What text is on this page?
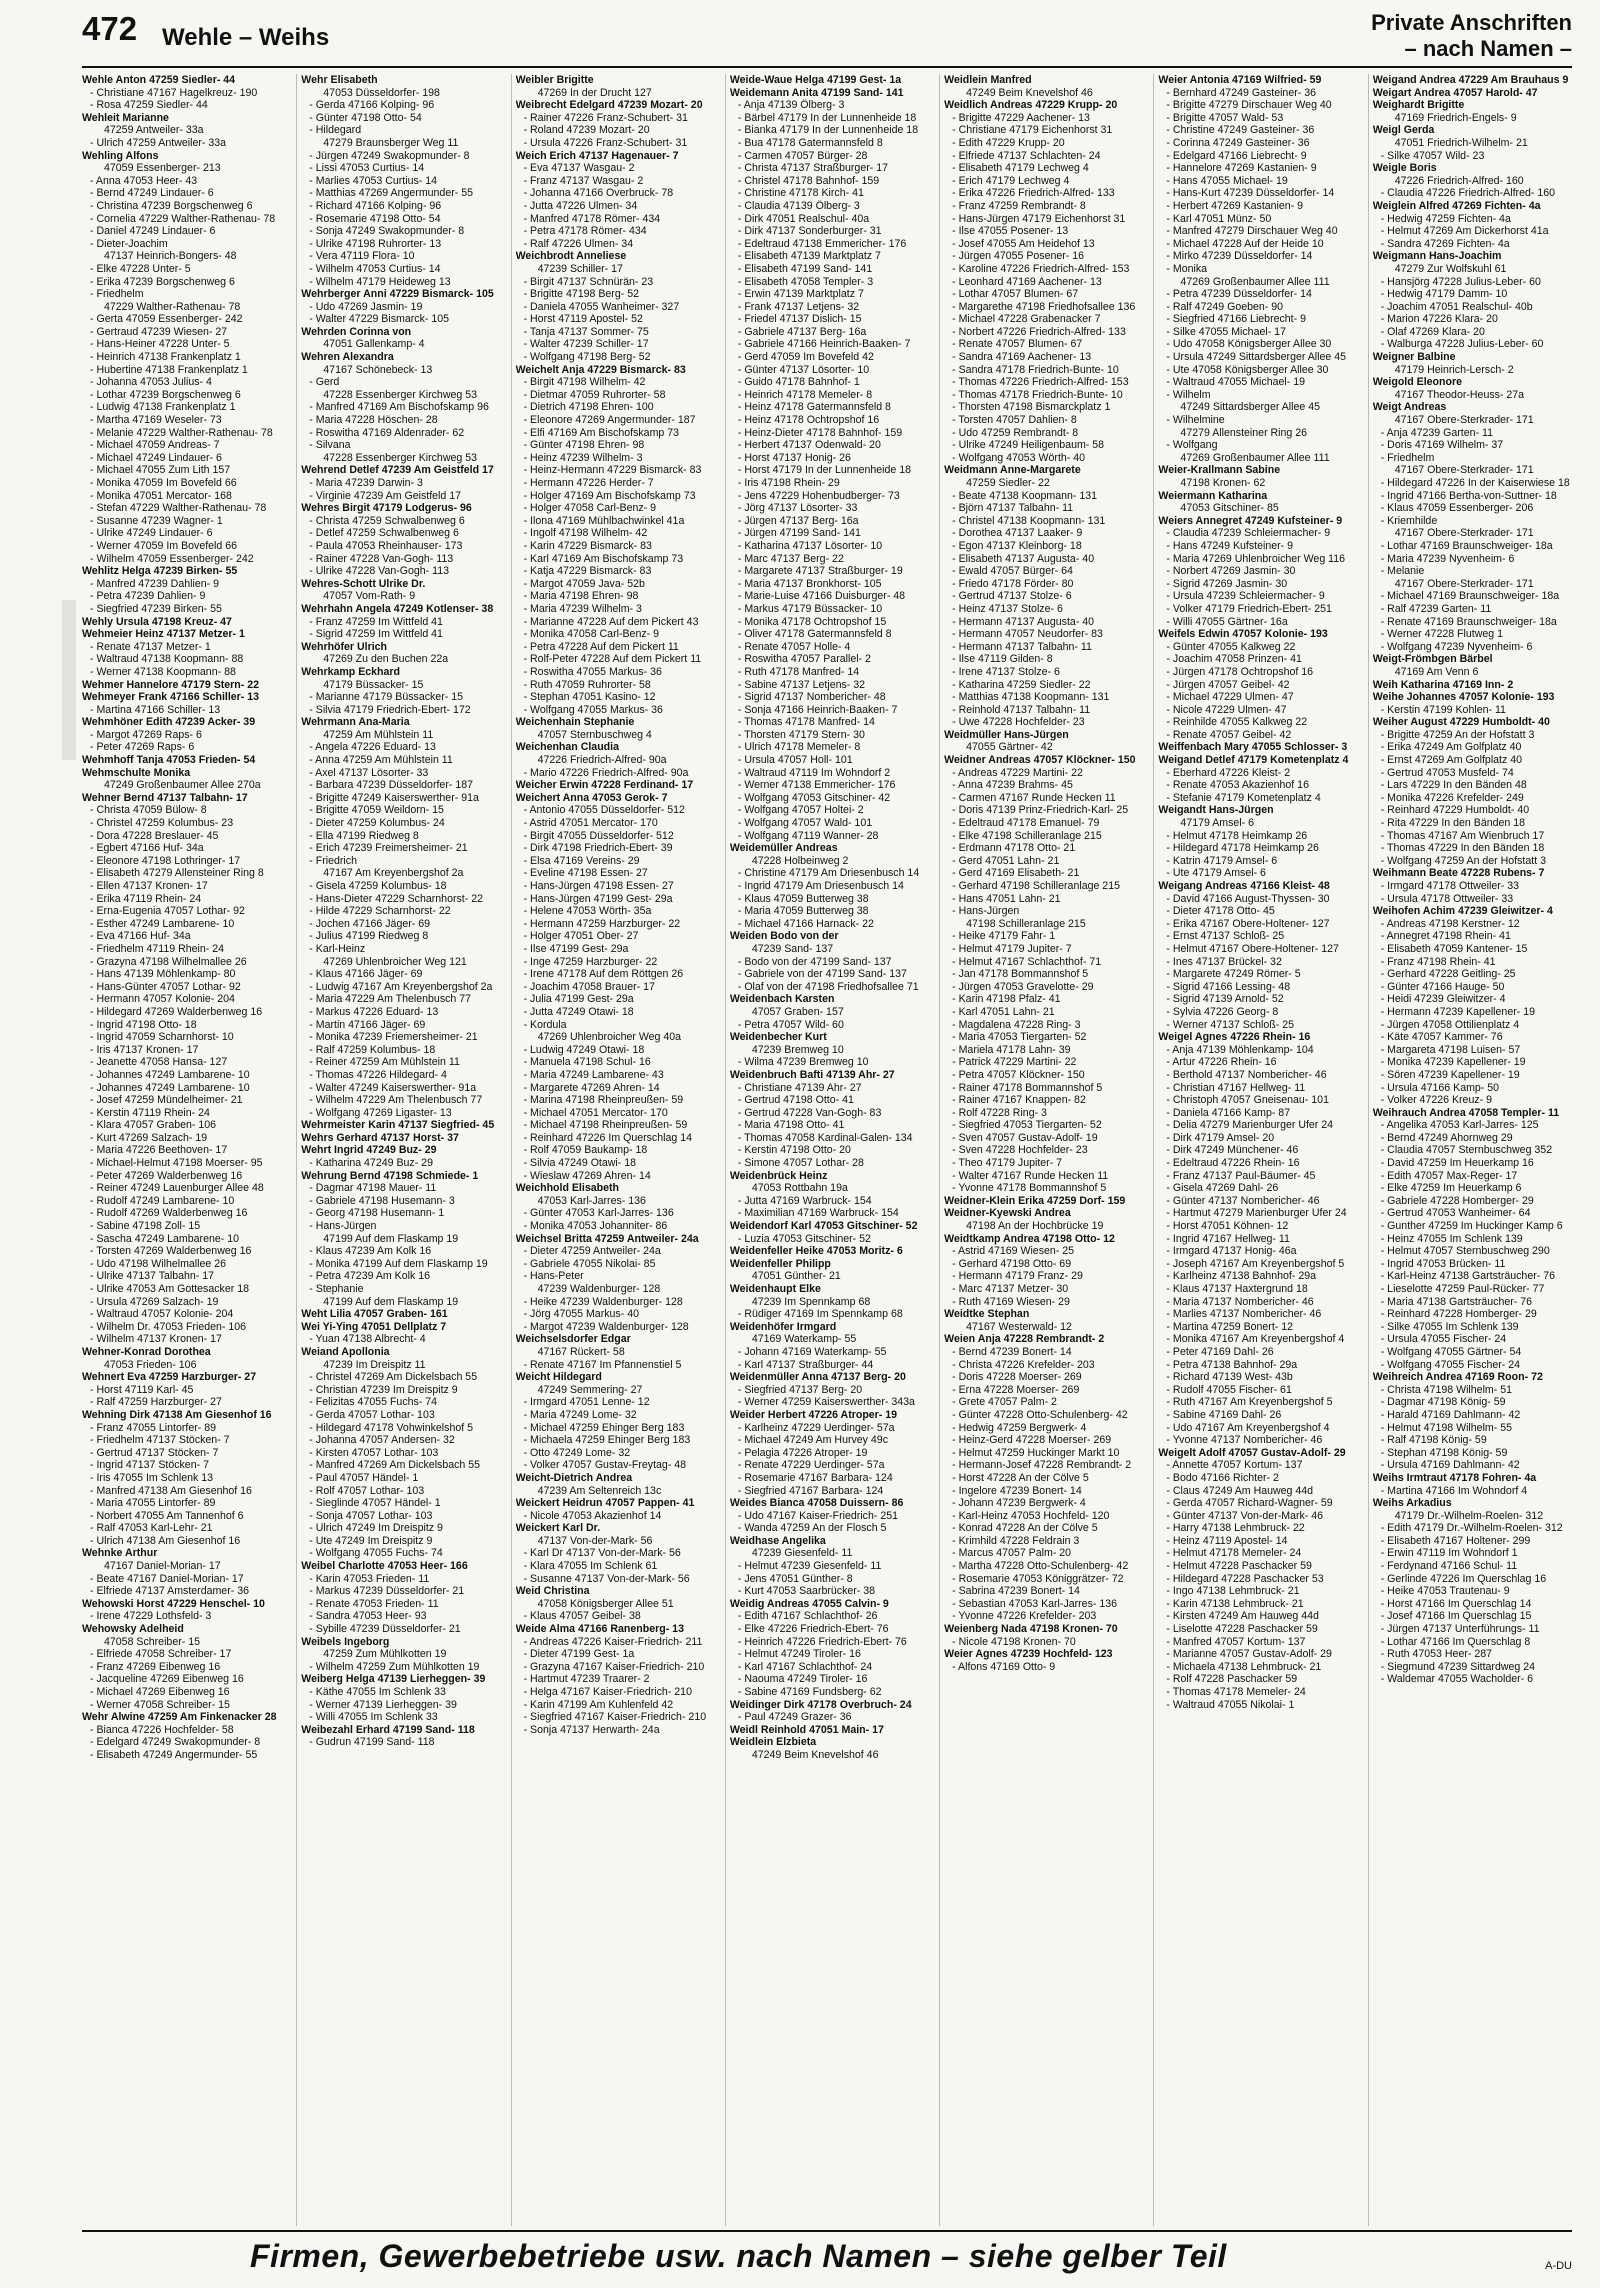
472 Wehle – Weihs
Private Anschriften
– nach Namen –
Wehle Anton 47259 Siedler- 44
- Christiane 47167 Hagelkreuz- 190
- Rosa 47259 Siedler- 44
Wehleit Marianne
47259 Antweiler- 33a
- Ulrich 47259 Antweiler- 33a
Wehling Alfons
47059 Essenberger- 213
- Anna 47053 Heer- 43
- Bernd 47249 Lindauer- 6
- Christina 47239 Borgschenweg 6
- Cornelia 47229 Walther-Rathenau- 78
- Daniel 47249 Lindauer- 6
- Dieter-Joachim
47137 Heinrich-Bongers- 48
- Elke 47228 Unter- 5
- Erika 47239 Borgschenweg 6
- Friedhelm
47229 Walther-Rathenau- 78
- Gerta 47059 Essenberger- 242
- Gertraud 47239 Wiesen- 27
- Hans-Heiner 47228 Unter- 5
- Heinrich 47138 Frankenplatz 1
- Hubertine 47138 Frankenplatz 1
- Johanna 47053 Julius- 4
- Lothar 47239 Borgschenweg 6
- Ludwig 47138 Frankenplatz 1
- Martha 47169 Weseler- 73
- Melanie 47229 Walther-Rathenau- 78
- Michael 47059 Andreas- 7
- Michael 47249 Lindauer- 6
- Michael 47055 Zum Lith 157
- Monika 47059 Im Bovefeld 66
- Monika 47051 Mercator- 168
- Stefan 47229 Walther-Rathenau- 78
- Susanne 47239 Wagner- 1
- Ulrike 47249 Lindauer- 6
- Werner 47059 Im Bovefeld 66
- Wilhelm 47059 Essenberger- 242
Wehlitz Helga 47239 Birken- 55
- Manfred 47239 Dahlien- 9
- Petra 47239 Dahlien- 9
- Siegfried 47239 Birken- 55
Wehly Ursula 47198 Kreuz- 47
Wehmeier Heinz 47137 Metzer- 1
- Renate 47137 Metzer- 1
- Waltraud 47138 Koopmann- 88
- Werner 47138 Koopmann- 88
Wehmer Hannelore 47179 Stern- 22
Wehmeyer Frank 47166 Schiller- 13
- Martina 47166 Schiller- 13
Wehmhöner Edith 47239 Acker- 39
- Margot 47269 Raps- 6
- Peter 47269 Raps- 6
Wehmhoff Tanja 47053 Frieden- 54
Wehmschulte Monika
47249 Großenbaumer Allee 270a
Wehner Bernd 47137 Talbahn- 17
- Christa 47059 Bülow- 8
- Christel 47259 Kolumbus- 23
- Dora 47228 Breslauer- 45
- Egbert 47166 Huf- 34a
- Eleonore 47198 Lothringer- 17
- Elisabeth 47279 Allensteiner Ring 8
- Ellen 47137 Kronen- 17
- Erika 47119 Rhein- 24
- Erna-Eugenia 47057 Lothar- 92
- Esther 47249 Lambarene- 10
- Eva 47166 Huf- 34a
- Friedhelm 47119 Rhein- 24
- Grazyna 47198 Wilhelmallee 26
- Hans 47139 Möhlenkamp- 80
- Hans-Günter 47057 Lothar- 92
- Hermann 47057 Kolonie- 204
- Hildegard 47269 Walderbenweg 16
- Ingrid 47198 Otto- 18
- Ingrid 47059 Scharnhorst- 10
- Iris 47137 Kronen- 17
- Jeanette 47058 Hansa- 127
- Johannes 47249 Lambarene- 10
- Johannes 47249 Lambarene- 10
- Josef 47259 Mündelheimer- 21
- Kerstin 47119 Rhein- 24
- Klara 47057 Graben- 106
- Kurt 47269 Salzach- 19
- Maria 47226 Beethoven- 17
- Michael-Helmut 47198 Moerser- 95
- Peter 47269 Walderbenweg 16
- Reiner 47249 Lauenburger Allee 48
- Rudolf 47249 Lambarene- 10
- Rudolf 47269 Walderbenweg 16
- Sabine 47198 Zoll- 15
- Sascha 47249 Lambarene- 10
- Torsten 47269 Walderbenweg 16
- Udo 47198 Wilhelmallee 26
- Ulrike 47137 Talbahn- 17
- Ulrike 47053 Am Gottesacker 18
- Ursula 47269 Salzach- 19
- Waltraud 47057 Kolonie- 204
- Wilhelm Dr. 47053 Frieden- 106
- Wilhelm 47137 Kronen- 17
Wehner-Konrad Dorothea
47053 Frieden- 106
Wehnert Eva 47259 Harzburger- 27
- Horst 47119 Karl- 45
- Ralf 47259 Harzburger- 27
Wehning Dirk 47138 Am Giesenhof 16
- Franz 47055 Lintorfer- 89
- Friedhelm 47137 Stöcken- 7
- Gertrud 47137 Stöcken- 7
- Ingrid 47137 Stöcken- 7
- Iris 47055 Im Schlenk 13
- Manfred 47138 Am Giesenhof 16
- Maria 47055 Lintorfer- 89
- Norbert 47055 Am Tannenhof 6
- Ralf 47053 Karl-Lehr- 21
- Ulrich 47138 Am Giesenhof 16
Wehnke Arthur
47167 Daniel-Morian- 17
- Beate 47167 Daniel-Morian- 17
- Elfriede 47137 Amsterdamer- 36
Wehowski Horst 47229 Henschel- 10
- Irene 47229 Lothsfeld- 3
Wehowsky Adelheid
47058 Schreiber- 15
- Elfriede 47058 Schreiber- 17
- Franz 47269 Eibenweg 16
- Jacqueline 47269 Eibenweg 16
- Michael 47269 Eibenweg 16
- Werner 47058 Schreiber- 15
Wehr Alwine 47259 Am Finkenacker 28
- Bianca 47226 Hochfelder- 58
- Edelgard 47249 Swakopmunder- 8
- Elisabeth 47249 Angermunder- 55
Wehr Elisabeth
47053 Düsseldorfer- 198
- Gerda 47166 Kolping- 96
- Günter 47198 Otto- 54
- Hildegard
47279 Braunsberger Weg 11
- Jürgen 47249 Swakopmunder- 8
- Lissi 47053 Curtius- 14
- Marlies 47053 Curtius- 14
- Matthias 47269 Angermunder- 55
- Richard 47166 Kolping- 96
- Rosemarie 47198 Otto- 54
- Sonja 47249 Swakopmunder- 8
- Ulrike 47198 Ruhrorter- 13
- Vera 47119 Flora- 10
- Wilhelm 47053 Curtius- 14
- Wilhelm 47179 Heideweg 13
Wehrberger Anni 47229 Bismarck- 105
- Udo 47269 Jasmin- 19
- Walter 47229 Bismarck- 105
Wehrden Corinna von
47051 Gallenkamp- 4
Wehren Alexandra
47167 Schönebeck- 13
- Gerd
47228 Essenberger Kirchweg 53
- Manfred 47169 Am Bischofskamp 96
- Maria 47228 Höschen- 28
- Roswitha 47169 Aldenrader- 62
- Silvana
47228 Essenberger Kirchweg 53
Wehrend Detlef 47239 Am Geistfeld 17
- Maria 47239 Darwin- 3
- Virginie 47239 Am Geistfeld 17
Wehres Birgit 47179 Lodgerus- 96
- Christa 47259 Schwalbenweg 6
- Detlef 47259 Schwalbenweg 6
- Paula 47053 Rheinhauser- 173
- Rainer 47228 Van-Gogh- 113
- Ulrike 47228 Van-Gogh- 113
Wehres-Schott Ulrike Dr.
47057 Vom-Rath- 9
Wehrhahn Angela 47249 Kotlenser- 38
- Franz 47259 Im Wittfeld 41
- Sigrid 47259 Im Wittfeld 41
Wehrhöfer Ulrich
47269 Zu den Buchen 22a
Wehrkamp Eckhard
47179 Büssacker- 15
- Marianne 47179 Büssacker- 15
- Silvia 47179 Friedrich-Ebert- 172
Wehrmann Ana-Maria
47259 Am Mühlstein 11
- Angela 47226 Eduard- 13
- Anna 47259 Am Mühlstein 11
- Axel 47137 Lösorter- 33
- Barbara 47239 Düsseldorfer- 187
- Brigitte 47249 Kaiserswerther- 91a
- Brigitte 47059 Weildorn- 15
- Dieter 47259 Kolumbus- 24
- Ella 47199 Riedweg 8
- Erich 47239 Freimersheimer- 21
- Friedrich
47167 Am Kreyenbergshof 2a
- Gisela 47259 Kolumbus- 18
- Hans-Dieter 47229 Scharnhorst- 22
- Hilde 47229 Scharnhorst- 22
- Jochen 47166 Jäger- 69
- Julius 47199 Riedweg 8
- Karl-Heinz
47269 Uhlenbroicher Weg 121
- Klaus 47166 Jäger- 69
- Ludwig 47167 Am Kreyenbergshof 2a
- Maria 47229 Am Thelenbusch 77
- Markus 47226 Eduard- 13
- Martin 47166 Jäger- 69
- Monika 47239 Friemersheimer- 21
- Ralf 47259 Kolumbus- 18
- Reiner 47259 Am Mühlstein 11
- Thomas 47226 Hildegard- 4
- Walter 47249 Kaiserswerther- 91a
- Wilhelm 47229 Am Thelenbusch 77
- Wolfgang 47269 Ligaster- 13
Wehrmeister Karin 47137 Siegfried- 45
Wehrs Gerhard 47137 Horst- 37
Wehrt Ingrid 47249 Buz- 29
- Katharina 47249 Buz- 29
Wehrung Bernd 47198 Schmiede- 1
- Dagmar 47198 Mauer- 11
- Gabriele 47198 Husemann- 3
- Georg 47198 Husemann- 1
- Hans-Jürgen
47199 Auf dem Flaskamp 19
- Klaus 47239 Am Kolk 16
- Monika 47199 Auf dem Flaskamp 19
- Petra 47239 Am Kolk 16
- Stephanie
47199 Auf dem Flaskamp 19
Weht Lilia 47057 Graben- 161
Wei Yi-Ying 47051 Dellplatz 7
- Yuan 47138 Albrecht- 4
Weiand Apollonia
47239 Im Dreispitz 11
- Christel 47269 Am Dickelsbach 55
- Christian 47239 Im Dreispitz 9
- Felizitas 47055 Fuchs- 74
- Gerda 47057 Lothar- 103
- Hildegard 47178 Vohwinkelshof 5
- Johanna 47057 Andersen- 32
- Kirsten 47057 Lothar- 103
- Manfred 47269 Am Dickelsbach 55
- Paul 47057 Händel- 1
- Rolf 47057 Lothar- 103
- Sieglinde 47057 Händel- 1
- Sonja 47057 Lothar- 103
- Ulrich 47249 Im Dreispitz 9
- Ute 47249 Im Dreispitz 9
- Wolfgang 47055 Fuchs- 74
Weibel Charlotte 47053 Heer- 166
- Karin 47053 Frieden- 11
- Markus 47239 Düsseldorfer- 21
- Renate 47053 Frieden- 11
- Sandra 47053 Heer- 93
- Sybille 47239 Düsseldorfer- 21
Weibels Ingeborg
47259 Zum Mühlkotten 19
- Wilhelm 47259 Zum Mühlkotten 19
Weiberg Helga 47139 Lierheggen- 39
- Käthe 47055 Im Schlenk 33
- Werner 47139 Lierheggen- 39
- Willi 47055 Im Schlenk 33
Weibezahl Erhard 47199 Sand- 118
- Gudrun 47199 Sand- 118
Weibler Brigitte
47269 In der Drucht 127
Weibrecht Edelgard 47239 Mozart- 20
- Rainer 47226 Franz-Schubert- 31
- Roland 47239 Mozart- 20
- Ursula 47226 Franz-Schubert- 31
Weich Erich 47137 Hagenauer- 7
- Eva 47137 Wasgau- 2
- Franz 47137 Wasgau- 2
- Johanna 47166 Overbruck- 78
- Jutta 47226 Ulmen- 34
- Manfred 47178 Römer- 434
- Petra 47178 Römer- 434
- Ralf 47226 Ulmen- 34
Weichbrodt Anneliese
47239 Schiller- 17
- Birgit 47137 Schnürän- 23
- Brigitte 47198 Berg- 52
- Daniela 47055 Wanheimer- 327
- Horst 47119 Apostel- 52
- Tanja 47137 Sommer- 75
- Walter 47239 Schiller- 17
- Wolfgang 47198 Berg- 52
Weichelt Anja 47229 Bismarck- 83
- Birgit 47198 Wilhelm- 42
- Dietmar 47059 Ruhrorter- 58
- Dietrich 47198 Ehren- 100
- Eleonore 47269 Angermunder- 187
- Elfi 47169 Am Bischofskamp 73
- Günter 47198 Ehren- 98
- Heinz 47239 Wilhelm- 3
- Heinz-Hermann 47229 Bismarck- 83
- Hermann 47226 Herder- 7
- Holger 47169 Am Bischofskamp 73
- Holger 47058 Carl-Benz- 9
- Ilona 47169 Mühlbachwinkel 41a
- Ingolf 47198 Wilhelm- 42
- Karin 47229 Bismarck- 83
- Karl 47169 Am Bischofskamp 73
- Katja 47229 Bismarck- 83
- Margot 47059 Java- 52b
- Maria 47198 Ehren- 98
- Maria 47239 Wilhelm- 3
- Marianne 47228 Auf dem Pickert 43
- Monika 47058 Carl-Benz- 9
- Petra 47228 Auf dem Pickert 11
- Rolf-Peter 47228 Auf dem Pickert 11
- Roswitha 47055 Markus- 36
- Ruth 47059 Ruhrorter- 58
- Stephan 47051 Kasino- 12
- Wolfgang 47055 Markus- 36
Weichenhain Stephanie
47057 Sternbuschweg 4
Weichenhan Claudia
47226 Friedrich-Alfred- 90a
- Mario 47226 Friedrich-Alfred- 90a
Weicher Erwin 47228 Ferdinand- 17
Weichert Anna 47053 Gerok- 7
- Antonio 47055 Düsseldorfer- 512
- Astrid 47051 Mercator- 170
- Birgit 47055 Düsseldorfer- 512
- Dirk 47198 Friedrich-Ebert- 39
- Elsa 47169 Vereins- 29
- Eveline 47198 Essen- 27
- Hans-Jürgen 47198 Essen- 27
- Hans-Jürgen 47199 Gest- 29a
- Helene 47053 Wörth- 35a
- Hermann 47259 Harzburger- 22
- Holger 47051 Ober- 27
- Ilse 47199 Gest- 29a
- Inge 47259 Harzburger- 22
- Irene 47178 Auf dem Röttgen 26
- Joachim 47058 Brauer- 17
- Julia 47199 Gest- 29a
- Jutta 47249 Otawi- 18
- Kordula
47269 Uhlenbroicher Weg 40a
- Ludwig 47249 Otawi- 18
- Manuela 47198 Schul- 16
- Maria 47249 Lambarene- 43
- Margarete 47269 Ahren- 14
- Marina 47198 Rheinpreußen- 59
- Michael 47051 Mercator- 170
- Michael 47198 Rheinpreußen- 59
- Reinhard 47226 Im Querschlag 14
- Rolf 47059 Baukamp- 18
- Silvia 47249 Otawi- 18
- Wieslaw 47269 Ahren- 14
Weichhold Elisabeth
47053 Karl-Jarres- 136
- Günter 47053 Karl-Jarres- 136
- Monika 47053 Johanniter- 86
Weichsel Britta 47259 Antweiler- 24a
- Dieter 47259 Antweiler- 24a
- Gabriele 47055 Nikolai- 85
- Hans-Peter
47239 Waldenburger- 128
- Heike 47239 Waldenburger- 128
- Jörg 47055 Markus- 40
- Margot 47239 Waldenburger- 128
Weichselsdorfer Edgar
47167 Rückert- 58
- Renate 47167 Im Pfannenstiel 5
Weicht Hildegard
47249 Semmering- 27
- Irmgard 47051 Lenne- 12
- Maria 47249 Lome- 32
- Michael 47259 Ehinger Berg 183
- Michaela 47259 Ehinger Berg 183
- Otto 47249 Lome- 32
- Volker 47057 Gustav-Freytag- 48
Weicht-Dietrich Andrea
47239 Am Seltenreich 13c
Weickert Heidrun 47057 Pappen- 41
- Nicole 47053 Akazienhof 14
Weickert Karl Dr.
47137 Von-der-Mark- 56
- Karl Dr 47137 Von-der-Mark- 56
- Klara 47055 Im Schlenk 61
- Susanne 47137 Von-der-Mark- 56
Weid Christina
47058 Königsberger Allee 51
- Klaus 47057 Geibel- 38
Weide Alma 47166 Ranenberg- 13
- Andreas 47226 Kaiser-Friedrich- 211
- Dieter 47199 Gest- 1a
- Grazyna 47167 Kaiser-Friedrich- 210
- Hartmut 47239 Traarer- 2
- Helga 47167 Kaiser-Friedrich- 210
- Karin 47199 Am Kuhlenfeld 42
- Siegfried 47167 Kaiser-Friedrich- 210
- Sonja 47137 Herwarth- 24a
Weide-Waue Helga 47199 Gest- 1a
Weidemann Anita 47199 Sand- 141
- Anja 47139 Ölberg- 3
- Bärbel 47179 In der Lunnenheide 18
- Bianka 47179 In der Lunnenheide 18
- Bua 47178 Gatermannsfeld 8
- Carmen 47057 Bürger- 28
- Christa 47137 Straßburger- 17
- Christel 47178 Bahnhof- 159
- Christine 47178 Kirch- 41
- Claudia 47139 Ölberg- 3
- Dirk 47051 Realschul- 40a
- Dirk 47137 Sonderburger- 31
- Edeltraud 47138 Emmericher- 176
- Elisabeth 47139 Marktplatz 7
- Elisabeth 47199 Sand- 141
- Elisabeth 47058 Templer- 3
- Erwin 47139 Marktplatz 7
- Frank 47137 Letjens- 32
- Friedel 47137 Dislich- 15
- Gabriele 47137 Berg- 16a
- Gabriele 47166 Heinrich-Baaken- 7
- Gerd 47059 Im Bovefeld 42
- Günter 47137 Lösorter- 10
- Guido 47178 Bahnhof- 1
- Heinrich 47178 Memeler- 8
- Heinz 47178 Gatermannsfeld 8
- Heinz 47178 Ochtropshof 16
- Heinz-Dieter 47178 Bahnhof- 159
- Herbert 47137 Odenwald- 20
- Horst 47137 Honig- 26
- Horst 47179 In der Lunnenheide 18
- Iris 47198 Rhein- 29
- Jens 47229 Hohenbudberger- 73
- Jörg 47137 Lösorter- 33
- Jürgen 47137 Berg- 16a
- Jürgen 47199 Sand- 141
- Katharina 47137 Lösorter- 10
- Marc 47137 Berg- 22
- Margarete 47137 Straßburger- 19
- Maria 47137 Bronkhorst- 105
- Marie-Luise 47166 Duisburger- 48
- Markus 47179 Büssacker- 10
- Monika 47178 Ochtropshof 15
- Oliver 47178 Gatermannsfeld 8
- Renate 47057 Holle- 4
- Roswitha 47057 Parallel- 2
- Ruth 47178 Manfred- 14
- Sabine 47137 Letjens- 32
- Sigrid 47137 Nombericher- 48
- Sonja 47166 Heinrich-Baaken- 7
- Thomas 47178 Manfred- 14
- Thorsten 47179 Stern- 30
- Ulrich 47178 Memeler- 8
- Ursula 47057 Holl- 101
- Waltraud 47119 Im Wohndorf 2
- Werner 47138 Emmericher- 176
- Wolfgang 47053 Gitschiner- 42
- Wolfgang 47057 Holtei- 2
- Wolfgang 47057 Wald- 101
- Wolfgang 47119 Wanner- 28
Weidemüller Andreas
47228 Holbeinweg 2
- Christine 47179 Am Driesenbusch 14
- Ingrid 47179 Am Driesenbusch 14
- Klaus 47059 Butterweg 38
- Maria 47059 Butterweg 38
- Michael 47166 Harnack- 22
Weiden Bodo von der
47239 Sand- 137
- Bodo von der 47199 Sand- 137
- Gabriele von der 47199 Sand- 137
- Olaf von der 47198 Friedhofsallee 71
Weidenbach Karsten
47057 Graben- 157
- Petra 47057 Wild- 60
Weidenbecher Kurt
47239 Bremweg 10
- Wilma 47239 Bremweg 10
Weidenbruch Bafti 47139 Ahr- 27
- Christiane 47139 Ahr- 27
- Gertrud 47198 Otto- 41
- Gertrud 47228 Van-Gogh- 83
- Maria 47198 Otto- 41
- Thomas 47058 Kardinal-Galen- 134
- Kerstin 47198 Otto- 20
- Simone 47057 Lothar- 28
Weidenbrück Heinz
47053 Rottbahn 19a
- Jutta 47169 Warbruck- 154
- Maximilian 47169 Warbruck- 154
Weidendorf Karl 47053 Gitschiner- 52
- Luzia 47053 Gitschiner- 52
Weidenfeller Heike 47053 Moritz- 6
Weidenfeller Philipp
47051 Günther- 21
Weidenhaupt Elke
47239 Im Spennkamp 68
- Rüdiger 47169 Im Spennkamp 68
Weidenhöfer Irmgard
47169 Waterkamp- 55
- Johann 47169 Waterkamp- 55
- Karl 47137 Straßburger- 44
Weidenmüller Anna 47137 Berg- 20
- Siegfried 47137 Berg- 20
- Werner 47259 Kaiserswerther- 343a
Weider Herbert 47226 Atroper- 19
- Karlheinz 47229 Uerdinger- 57a
- Michael 47249 Am Hurvey 49c
- Pelagia 47226 Atroper- 19
- Renate 47229 Uerdinger- 57a
- Rosemarie 47167 Barbara- 124
- Siegfried 47167 Barbara- 124
Weides Bianca 47058 Duissern- 86
- Udo 47167 Kaiser-Friedrich- 251
- Wanda 47259 An der Flosch 5
Weidhase Angelika
47239 Giesenfeld- 11
- Helmut 47239 Giesenfeld- 11
- Jens 47051 Günther- 8
- Kurt 47053 Saarbrücker- 38
Weidig Andreas 47055 Calvin- 9
- Edith 47167 Schlachthof- 26
- Elke 47226 Friedrich-Ebert- 76
- Heinrich 47226 Friedrich-Ebert- 76
- Helmut 47249 Tiroler- 16
- Karl 47167 Schlachthof- 24
- Naouma 47249 Tiroler- 16
- Sabine 47169 Fundsberg- 62
Weidinger Dirk 47178 Overbruch- 24
- Paul 47249 Grazer- 36
Weidl Reinhold 47051 Main- 17
Weidlein Elzbieta
47249 Beim Knevelshof 46
Weidlein Manfred
47249 Beim Knevelshof 46
Weidlich Andreas 47229 Krupp- 20
- Brigitte 47229 Aachener- 13
- Christiane 47179 Eichenhorst 31
- Edith 47229 Krupp- 20
- Elfriede 47137 Schlachten- 24
- Elisabeth 47179 Lechweg 4
- Erich 47179 Lechweg 4
- Erika 47226 Friedrich-Alfred- 133
- Franz 47259 Rembrandt- 8
- Hans-Jürgen 47179 Eichenhorst 31
- Ilse 47055 Posener- 13
- Josef 47055 Am Heidehof 13
- Jürgen 47055 Posener- 16
- Karoline 47226 Friedrich-Alfred- 153
- Leonhard 47169 Aachener- 13
- Lothar 47057 Blumen- 67
- Margarethe 47198 Friedhofsallee 136
- Michael 47228 Grabenacker 7
- Norbert 47226 Friedrich-Alfred- 133
- Renate 47057 Blumen- 67
- Sandra 47169 Aachener- 13
- Sandra 47178 Friedrich-Bunte- 10
- Thomas 47226 Friedrich-Alfred- 153
- Thomas 47178 Friedrich-Bunte- 10
- Thorsten 47198 Bismarckplatz 1
- Torsten 47057 Dahlien- 8
- Udo 47259 Rembrandt- 8
- Ulrike 47249 Heiligenbaum- 58
- Wolfgang 47053 Wörth- 40
Weidmann Anne-Margarete
47259 Siedler- 22
- Beate 47138 Koopmann- 131
- Björn 47137 Talbahn- 11
- Christel 47138 Koopmann- 131
- Dorothea 47137 Laaker- 9
- Egon 47137 Kleinborg- 18
- Elisabeth 47137 Augusta- 40
- Ewald 47057 Bürger- 64
- Friedo 47178 Förder- 80
- Gertrud 47137 Stolze- 6
- Heinz 47137 Stolze- 6
- Hermann 47137 Augusta- 40
- Hermann 47057 Neudorfer- 83
- Hermann 47137 Talbahn- 11
- Ilse 47119 Gilden- 8
- Irene 47137 Stolze- 6
- Katharina 47259 Siedler- 22
- Matthias 47138 Koopmann- 131
- Reinhold 47137 Talbahn- 11
- Uwe 47228 Hochfelder- 23
Weidmüller Hans-Jürgen
47055 Gärtner- 42
Weidner Andreas 47057 Klöckner- 150
- Andreas 47229 Martini- 22
- Anna 47239 Brahms- 45
- Carmen 47167 Runde Hecken 11
- Doris 47139 Prinz-Friedrich-Karl- 25
- Edeltraud 47178 Emanuel- 79
- Elke 47198 Schilleranlage 215
- Erdmann 47178 Otto- 21
- Gerd 47051 Lahn- 21
- Gerd 47169 Elisabeth- 21
- Gerhard 47198 Schilleranlage 215
- Hans 47051 Lahn- 21
- Hans-Jürgen
47198 Schilleranlage 215
- Heike 47179 Fahr- 1
- Helmut 47179 Jupiter- 7
- Helmut 47167 Schlachthof- 71
- Jan 47178 Bommannshof 5
- Jürgen 47053 Gravelotte- 29
- Karin 47198 Pfalz- 41
- Karl 47051 Lahn- 21
- Magdalena 47228 Ring- 3
- Maria 47053 Tiergarten- 52
- Mariela 47178 Lahn- 39
- Patrick 47229 Martini- 22
- Petra 47057 Klöckner- 150
- Rainer 47178 Bommannshof 5
- Rainer 47167 Knappen- 82
- Rolf 47228 Ring- 3
- Siegfried 47053 Tiergarten- 52
- Sven 47057 Gustav-Adolf- 19
- Sven 47228 Hochfelder- 23
- Theo 47179 Jupiter- 7
- Walter 47167 Runde Hecken 11
- Yvonne 47178 Bommannshof 5
Weidner-Klein Erika 47259 Dorf- 159
Weidner-Kyewski Andrea
47198 An der Hochbrücke 19
Weidtkamp Andrea 47198 Otto- 12
- Astrid 47169 Wiesen- 25
- Gerhard 47198 Otto- 69
- Hermann 47179 Franz- 29
- Marc 47137 Metzer- 30
- Ruth 47169 Wiesen- 29
Weidtke Stephan
47167 Westerwald- 12
Weien Anja 47228 Rembrandt- 2
- Bernd 47239 Bonert- 14
- Christa 47226 Krefelder- 203
- Doris 47228 Moerser- 269
- Erna 47228 Moerser- 269
- Grete 47057 Palm- 2
- Günter 47228 Otto-Schulenberg- 42
- Hedwig 47259 Bergwerk- 4
- Heinz-Gerd 47228 Moerser- 269
- Helmut 47259 Huckinger Markt 10
- Hermann-Josef 47228 Rembrandt- 2
- Horst 47228 An der Cölve 5
- Ingelore 47239 Bonert- 14
- Johann 47239 Bergwerk- 4
- Karl-Heinz 47053 Hochfeld- 120
- Konrad 47228 An der Cölve 5
- Krimhild 47228 Feldrain 3
- Marcus 47057 Palm- 20
- Martha 47228 Otto-Schulenberg- 42
- Rosemarie 47053 Königgrätzer- 72
- Sabrina 47239 Bonert- 14
- Sebastian 47053 Karl-Jarres- 136
- Yvonne 47226 Krefelder- 203
Weienberg Nada 47198 Kronen- 70
- Nicole 47198 Kronen- 70
Weier Agnes 47239 Hochfeld- 123
- Alfons 47169 Otto- 9
Weier Antonia 47169 Wilfried- 59
- Bernhard 47249 Gasteiner- 36
- Brigitte 47279 Dirschauer Weg 40
- Brigitte 47057 Wald- 53
- Christine 47249 Gasteiner- 36
- Corinna 47249 Gasteiner- 36
- Edelgard 47166 Liebrecht- 9
- Hannelore 47269 Kastanien- 9
- Hans 47055 Michael- 19
- Hans-Kurt 47239 Düsseldorfer- 14
- Herbert 47269 Kastanien- 9
- Karl 47051 Münz- 50
- Manfred 47279 Dirschauer Weg 40
- Michael 47228 Auf der Heide 10
- Mirko 47239 Düsseldorfer- 14
- Monika
47269 Großenbaumer Allee 111
- Petra 47239 Düsseldorfer- 14
- Ralf 47249 Goeben- 90
- Siegfried 47166 Liebrecht- 9
- Silke 47055 Michael- 17
- Udo 47058 Königsberger Allee 30
- Ursula 47249 Sittardsberger Allee 45
- Ute 47058 Königsberger Allee 30
- Waltraud 47055 Michael- 19
- Wilhelm
47249 Sittardsberger Allee 45
- Wilhelmine
47279 Allensteiner Ring 26
- Wolfgang
47269 Großenbaumer Allee 111
Weier-Krallmann Sabine
47198 Kronen- 62
Weiermann Katharina
47053 Gitschiner- 85
Weiers Annegret 47249 Kufsteiner- 9
- Claudia 47239 Schleiermacher- 9
- Hans 47249 Kufsteiner- 9
- Maria 47269 Uhlenbroicher Weg 116
- Norbert 47269 Jasmin- 30
- Sigrid 47269 Jasmin- 30
- Ursula 47239 Schleiermacher- 9
- Volker 47179 Friedrich-Ebert- 251
- Willi 47055 Gärtner- 16a
Weifels Edwin 47057 Kolonie- 193
- Günter 47055 Kalkweg 22
- Joachim 47058 Prinzen- 41
- Jürgen 47178 Ochtropshof 16
- Jürgen 47057 Geibel- 42
- Michael 47229 Ulmen- 47
- Nicole 47229 Ulmen- 47
- Reinhilde 47055 Kalkweg 22
- Renate 47057 Geibel- 42
Weiffenbach Mary 47055 Schlosser- 3
Weigand Detlef 47179 Kometenplatz 4
- Eberhard 47226 Kleist- 2
- Renate 47053 Akazienhof 16
- Stefanie 47179 Kometenplatz 4
Weigandt Hans-Jürgen
47179 Amsel- 6
- Helmut 47178 Heimkamp 26
- Hildegard 47178 Heimkamp 26
- Katrin 47179 Amsel- 6
- Ute 47179 Amsel- 6
Weigang Andreas 47166 Kleist- 48
- David 47166 August-Thyssen- 30
- Dieter 47178 Otto- 45
- Erika 47167 Obere-Holtener- 127
- Ernst 47137 Schloß- 25
- Helmut 47167 Obere-Holtener- 127
- Ines 47137 Brückel- 32
- Margarete 47249 Römer- 5
- Sigrid 47166 Lessing- 48
- Sigrid 47139 Arnold- 52
- Sylvia 47226 Georg- 8
- Werner 47137 Schloß- 25
Weigel Agnes 47226 Rhein- 16
- Anja 47139 Möhlenkamp- 104
- Artur 47226 Rhein- 16
- Berthold 47137 Nombericher- 46
- Christian 47167 Hellweg- 11
- Christoph 47057 Gneisenau- 101
- Daniela 47166 Kamp- 87
- Delia 47279 Marienburger Ufer 24
- Dirk 47179 Amsel- 20
- Dirk 47249 Münchener- 46
- Edeltraud 47226 Rhein- 16
- Franz 47137 Paul-Bäumer- 45
- Gisela 47269 Dahl- 26
- Günter 47137 Nombericher- 46
- Hartmut 47279 Marienburger Ufer 24
- Horst 47051 Köhnen- 12
- Ingrid 47167 Hellweg- 11
- Irmgard 47137 Honig- 46a
- Joseph 47167 Am Kreyenbergshof 5
- Karlheinz 47138 Bahnhof- 29a
- Klaus 47137 Haxtergrund 18
- Maria 47137 Nombericher- 46
- Marlies 47137 Nombericher- 46
- Martina 47259 Bonert- 12
- Monika 47167 Am Kreyenbergshof 4
- Peter 47169 Dahl- 26
- Petra 47138 Bahnhof- 29a
- Richard 47139 West- 43b
- Rudolf 47055 Fischer- 61
- Ruth 47167 Am Kreyenbergshof 5
- Sabine 47169 Dahl- 26
- Udo 47167 Am Kreyenbergshof 4
- Yvonne 47137 Nombericher- 46
Weigelt Adolf 47057 Gustav-Adolf- 29
- Annette 47057 Kortum- 137
- Bodo 47166 Richter- 2
- Claus 47249 Am Hauweg 44d
- Gerda 47057 Richard-Wagner- 59
- Günter 47137 Von-der-Mark- 46
- Harry 47138 Lehmbruck- 22
- Heinz 47119 Apostel- 14
- Helmut 47178 Memeler- 24
- Helmut 47228 Paschacker 59
- Hildegard 47228 Paschacker 53
- Ingo 47138 Lehmbruck- 21
- Karin 47138 Lehmbruck- 21
- Kirsten 47249 Am Hauweg 44d
- Liselotte 47228 Paschacker 59
- Manfred 47057 Kortum- 137
- Marianne 47057 Gustav-Adolf- 29
- Michaela 47138 Lehmbruck- 21
- Rolf 47228 Paschacker 59
- Thomas 47178 Memeler- 24
- Waltraud 47055 Nikolai- 1
Weigand Andrea 47229 Am Brauhaus 9
Weigart Andrea 47057 Harold- 47
Weighardt Brigitte
47169 Friedrich-Engels- 9
Weigl Gerda
47051 Friedrich-Wilhelm- 21
- Silke 47057 Wild- 23
Weigle Boris
47226 Friedrich-Alfred- 160
- Claudia 47226 Friedrich-Alfred- 160
Weiglein Alfred 47269 Fichten- 4a
- Hedwig 47259 Fichten- 4a
- Helmut 47269 Am Dickerhorst 41a
- Sandra 47269 Fichten- 4a
Weigmann Hans-Joachim
47279 Zur Wolfskuhl 61
- Hansjörg 47228 Julius-Leber- 60
- Hedwig 47179 Damm- 10
- Joachim 47051 Realschul- 40b
- Marion 47226 Klara- 20
- Olaf 47269 Klara- 20
- Walburga 47228 Julius-Leber- 60
Weigner Balbine
47179 Heinrich-Lersch- 2
Weigold Eleonore
47167 Theodor-Heuss- 27a
Weigt Andreas
47167 Obere-Sterkrader- 171
- Anja 47239 Garten- 11
- Doris 47169 Wilhelm- 37
- Friedhelm
47167 Obere-Sterkrader- 171
- Hildegard 47226 In der Kaiserwiese 18
- Ingrid 47166 Bertha-von-Suttner- 18
- Klaus 47059 Essenberger- 206
- Kriemhilde
47167 Obere-Sterkrader- 171
- Lothar 47169 Braunschweiger- 18a
- Maria 47239 Nyvenheim- 6
- Melanie
47167 Obere-Sterkrader- 171
- Michael 47169 Braunschweiger- 18a
- Ralf 47239 Garten- 11
- Renate 47169 Braunschweiger- 18a
- Werner 47228 Flutweg 1
- Wolfgang 47239 Nyvenheim- 6
Weigt-Frömbgen Bärbel
47169 Am Venn 6
Weih Katharina 47169 Inn- 2
Weihe Johannes 47057 Kolonie- 193
- Kerstin 47199 Kohlen- 11
Weiher August 47229 Humboldt- 40
- Brigitte 47259 An der Hofstatt 3
- Erika 47249 Am Golfplatz 40
- Ernst 47269 Am Golfplatz 40
- Gertrud 47053 Musfeld- 74
- Lars 47229 In den Bänden 48
- Monika 47226 Krefelder- 249
- Reinhard 47229 Humboldt- 40
- Rita 47229 In den Bänden 18
- Thomas 47167 Am Wienbruch 17
- Thomas 47229 In den Bänden 18
- Wolfgang 47259 An der Hofstatt 3
Weihmann Beate 47228 Rubens- 7
- Irmgard 47178 Ottweiler- 33
- Ursula 47178 Ottweiler- 33
Weihofen Achim 47239 Gleiwitzer- 4
- Andreas 47198 Kerstner- 12
- Annegret 47198 Rhein- 41
- Elisabeth 47059 Kantener- 15
- Franz 47198 Rhein- 41
- Gerhard 47228 Geitling- 25
- Günter 47166 Hauge- 50
- Heidi 47239 Gleiwitzer- 4
- Hermann 47239 Kapellener- 19
- Jürgen 47058 Ottilienplatz 4
- Käte 47057 Kammer- 76
- Margareta 47198 Luisen- 57
- Monika 47239 Kapellener- 19
- Sören 47239 Kapellener- 19
- Ursula 47166 Kamp- 50
- Volker 47226 Kreuz- 9
Weihrauch Andrea 47058 Templer- 11
- Angelika 47053 Karl-Jarres- 125
- Bernd 47249 Ahornweg 29
- Claudia 47057 Sternbuschweg 352
- David 47259 Im Heuerkamp 16
- Edith 47057 Max-Reger- 17
- Elke 47259 Im Heuerkamp 6
- Gabriele 47228 Homberger- 29
- Gertrud 47053 Wanheimer- 64
- Gunther 47259 Im Huckinger Kamp 6
- Heinz 47055 Im Schlenk 139
- Helmut 47057 Sternbuschweg 290
- Ingrid 47053 Brücken- 11
- Karl-Heinz 47138 Gartsträucher- 76
- Lieselotte 47259 Paul-Rücker- 77
- Maria 47138 Gartsträucher- 76
- Reinhard 47228 Homberger- 29
- Silke 47055 Im Schlenk 139
- Ursula 47055 Fischer- 24
- Wolfgang 47055 Gärtner- 54
- Wolfgang 47055 Fischer- 24
Weihreich Andrea 47169 Roon- 72
- Christa 47198 Wilhelm- 51
- Dagmar 47198 König- 59
- Harald 47169 Dahlmann- 42
- Helmut 47198 Wilhelm- 55
- Ralf 47198 König- 59
- Stephan 47198 König- 59
- Ursula 47169 Dahlmann- 42
Weihs Irmtraut 47178 Fohren- 4a
- Martina 47166 Im Wohndorf 4
Weihs Arkadius
47179 Dr.-Wilhelm-Roelen- 312
- Edith 47179 Dr.-Wilhelm-Roelen- 312
- Elisabeth 47167 Holtener- 299
- Erwin 47119 Im Wohndorf 1
- Ferdynand 47166 Schul- 11
- Gerlinde 47226 Im Querschlag 16
- Heike 47053 Trautenau- 9
- Horst 47166 Im Querschlag 14
- Josef 47166 Im Querschlag 15
- Jürgen 47137 Unterführungs- 11
- Lothar 47166 Im Querschlag 8
- Ruth 47053 Heer- 287
- Siegmund 47239 Sittardweg 24
- Waldemar 47055 Wacholder- 6
Firmen, Gewerbebetriebe usw. nach Namen – siehe gelber Teil	A-DU
